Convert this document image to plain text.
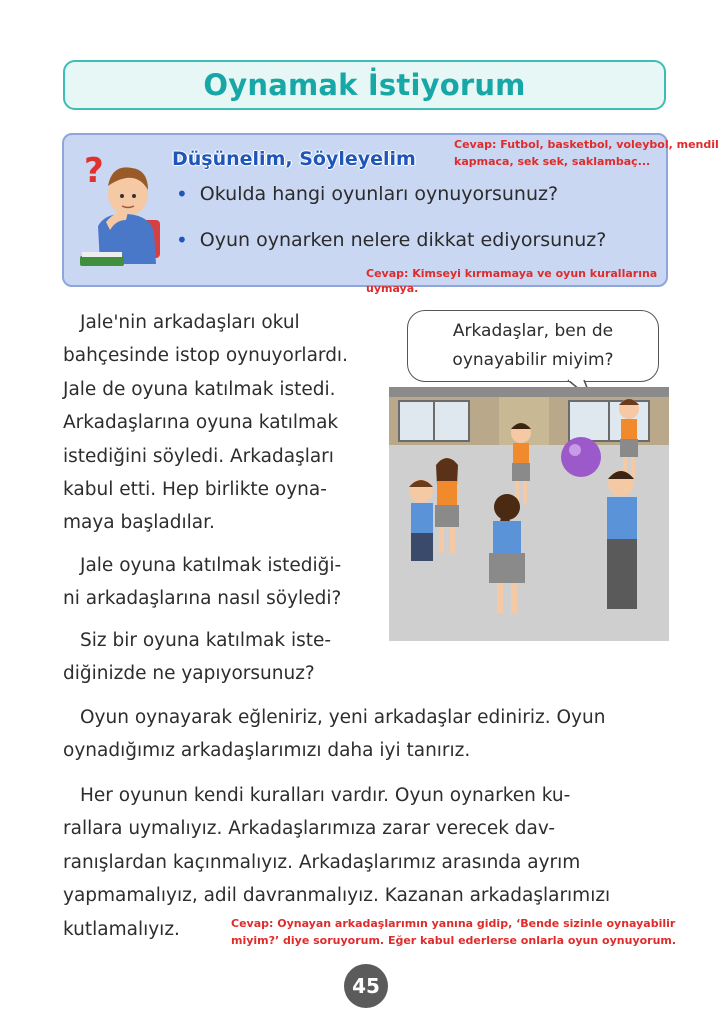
Oynamak İstiyorum
?	Düşünelim, Söyleyelim
• Okulda hangi oyunları oynuyorsunuz?
• Oyun oynarken nelere dikkat ediyorsunuz?
Cevap: Futbol, basketbol, voleybol, mendil
kapmaca, sek sek, saklambaç...
Cevap: Kimseyi kırmamaya ve oyun kurallarına
uymaya.
Jale'nin arkadaşları okul
bahçesinde istop oynuyorlardı.
Jale de oyuna katılmak istedi.
Arkadaşlarına oyuna katılmak
istediğini söyledi. Arkadaşları
kabul etti. Hep birlikte oyna-
maya başladılar.
Jale oyuna katılmak istediği-
ni arkadaşlarına nasıl söyledi?
Siz bir oyuna katılmak iste-
diğinizde ne yapıyorsunuz?
Arkadaşlar, ben de
oynayabilir miyim?
Oyun oynayarak eğleniriz, yeni arkadaşlar ediniriz. Oyun
oynadığımız arkadaşlarımızı daha iyi tanırız.
Her oyunun kendi kuralları vardır. Oyun oynarken ku-
rallara uymalıyız. Arkadaşlarımıza zarar verecek dav-
ranışlardan kaçınmalıyız. Arkadaşlarımız arasında ayrım
yapmamalıyız, adil davranmalıyız. Kazanan arkadaşlarımızı
kutlamalıyız.	Cevap: Oynayan arkadaşlarımın yanına gidip, ‘Bende sizinle oynayabilir
miyim?’ diye soruyorum. Eğer kabul ederlerse onlarla oyun oynuyorum.
45
